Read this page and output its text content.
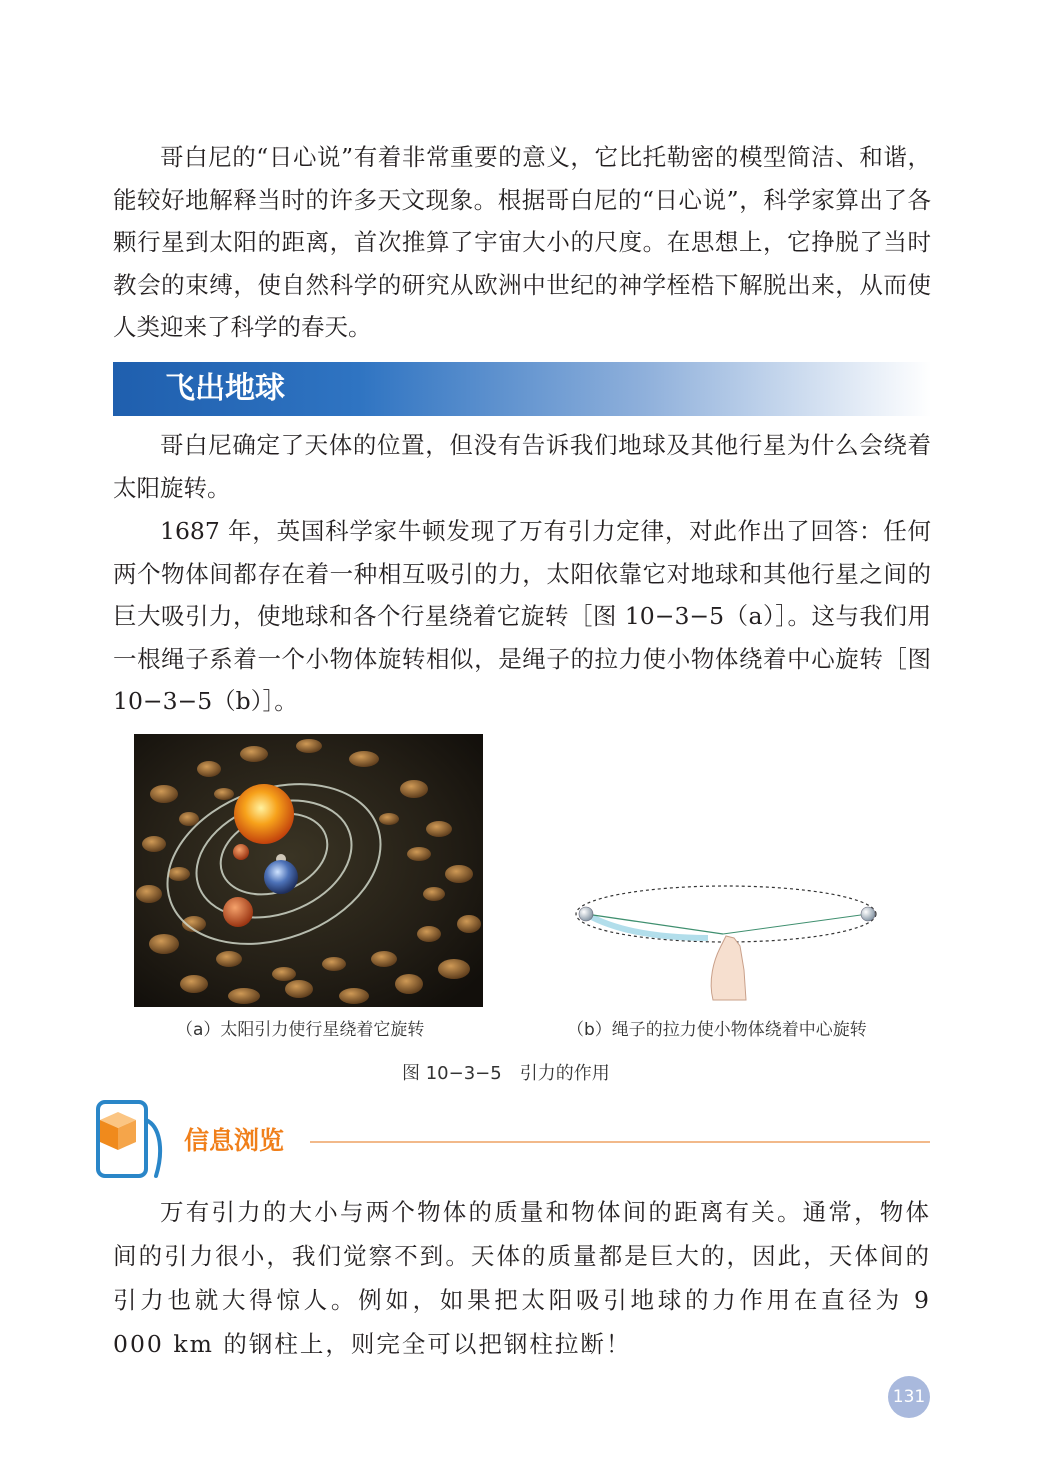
哥白尼的“日心说”有着非常重要的意义，它比托勒密的模型简洁、和谐，能较好地解释当时的许多天文现象。根据哥白尼的“日心说”，科学家算出了各颗行星到太阳的距离，首次推算了宇宙大小的尺度。在思想上，它挣脱了当时教会的束缚，使自然科学的研究从欧洲中世纪的神学桎梏下解脱出来，从而使人类迎来了科学的春天。

飞出地球

哥白尼确定了天体的位置，但没有告诉我们地球及其他行星为什么会绕着太阳旋转。

1687 年，英国科学家牛顿发现了万有引力定律，对此作出了回答：任何两个物体间都存在着一种相互吸引的力，太阳依靠它对地球和其他行星之间的巨大吸引力，使地球和各个行星绕着它旋转［图 10−3−5（a）］。这与我们用一根绳子系着一个小物体旋转相似，是绳子的拉力使小物体绕着中心旋转［图 10−3−5（b）］。

（a）太阳引力使行星绕着它旋转	（b）绳子的拉力使小物体绕着中心旋转
图 10−3−5　引力的作用
信息浏览

万有引力的大小与两个物体的质量和物体间的距离有关。通常，物体间的引力很小，我们觉察不到。天体的质量都是巨大的，因此，天体间的引力也就大得惊人。例如，如果把太阳吸引地球的力作用在直径为 9 000 km 的钢柱上，则完全可以把钢柱拉断！

131
